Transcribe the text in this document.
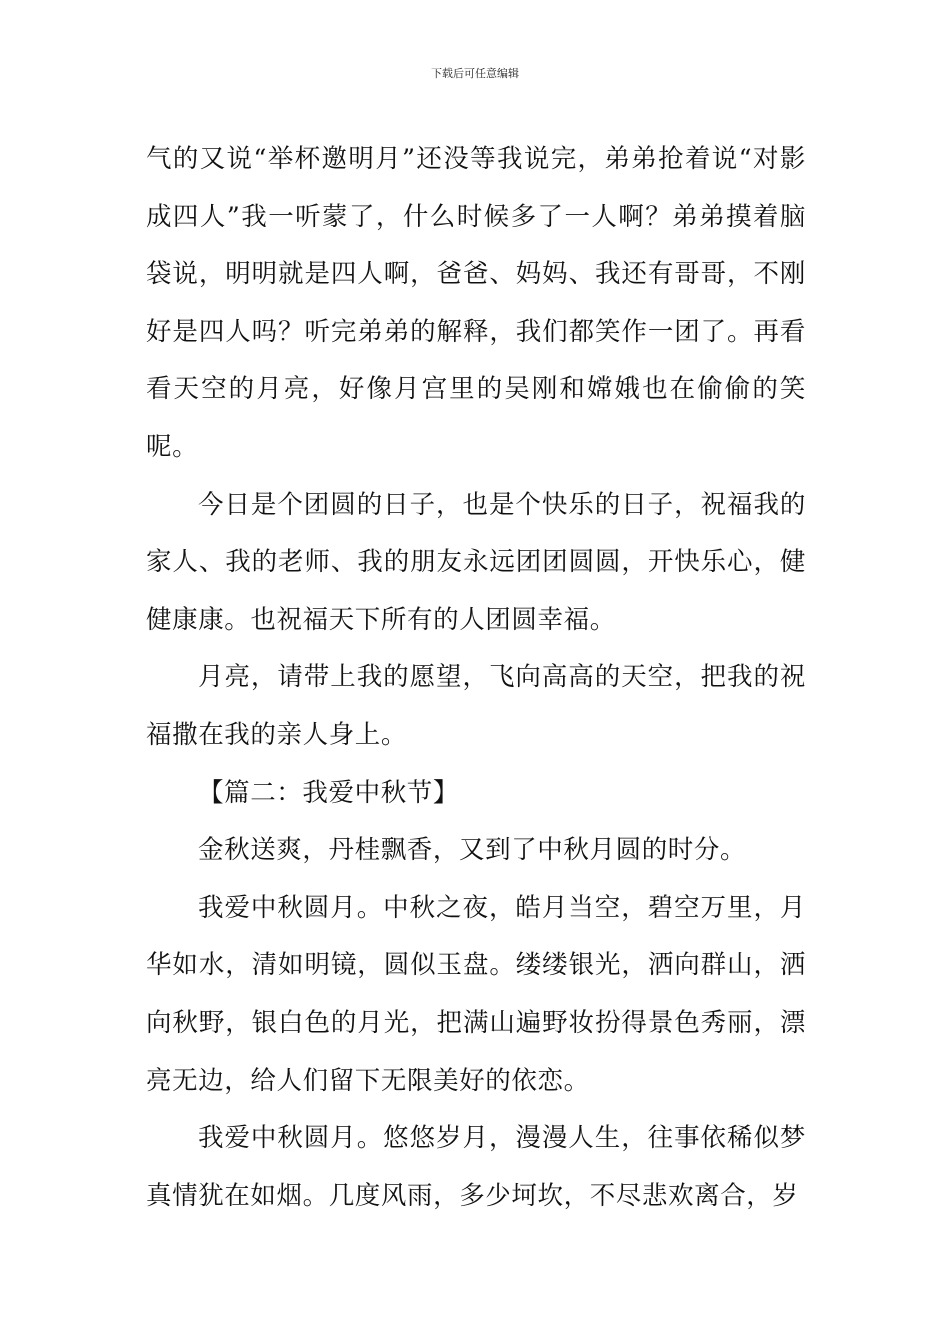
下载后可任意编辑

气的又说“举杯邀明月”还没等我说完，弟弟抢着说“对影成四人”我一听蒙了，什么时候多了一人啊？弟弟摸着脑袋说，明明就是四人啊，爸爸、妈妈、我还有哥哥，不刚好是四人吗？听完弟弟的解释，我们都笑作一团了。再看看天空的月亮，好像月宫里的吴刚和嫦娥也在偷偷的笑呢。

今日是个团圆的日子，也是个快乐的日子，祝福我的家人、我的老师、我的朋友永远团团圆圆，开快乐心，健健康康。也祝福天下所有的人团圆幸福。

月亮，请带上我的愿望，飞向高高的天空，把我的祝福撒在我的亲人身上。

【篇二：我爱中秋节】

金秋送爽，丹桂飘香，又到了中秋月圆的时分。

我爱中秋圆月。中秋之夜，皓月当空，碧空万里，月华如水，清如明镜，圆似玉盘。缕缕银光，洒向群山，洒向秋野，银白色的月光，把满山遍野妆扮得景色秀丽，漂亮无边，给人们留下无限美好的依恋。

我爱中秋圆月。悠悠岁月，漫漫人生，往事依稀似梦真情犹在如烟。几度风雨，多少坷坎，不尽悲欢离合，岁
